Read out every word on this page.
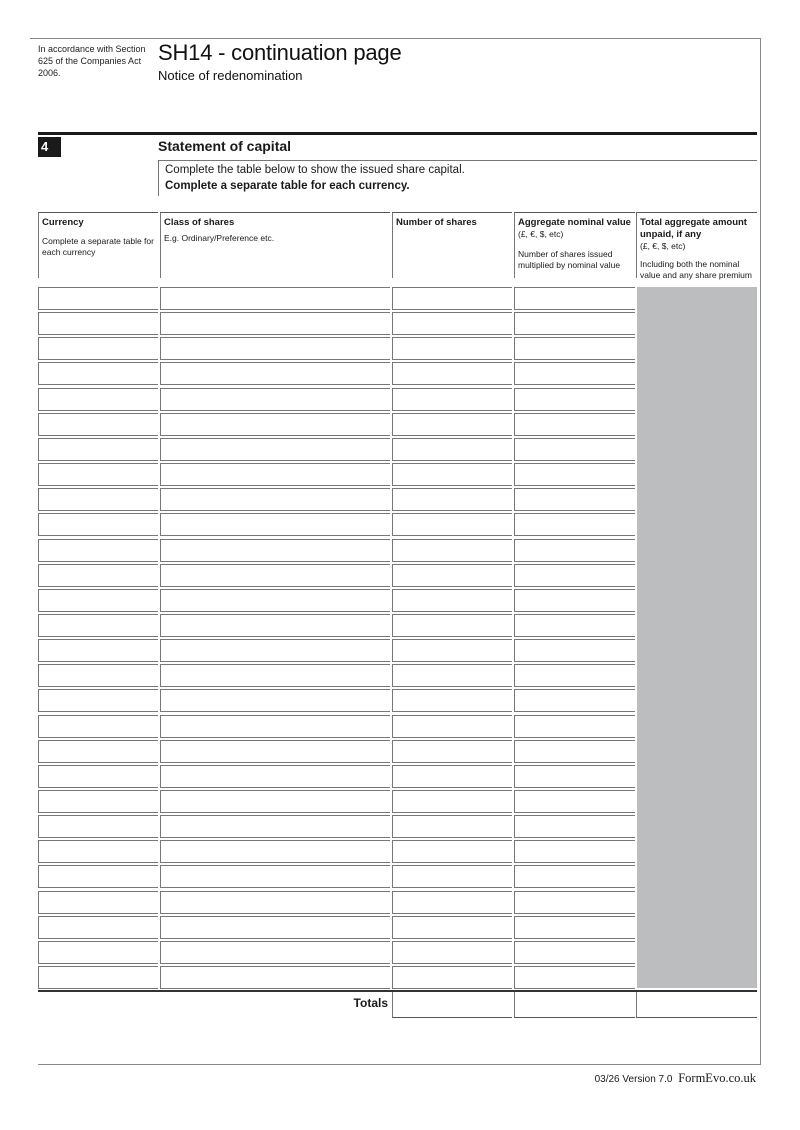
In accordance with Section 625 of the Companies Act 2006.
SH14 - continuation page
Notice of redenomination
4	Statement of capital
Complete the table below to show the issued share capital.
Complete a separate table for each currency.
Currency
Complete a separate table for each currency
Class of shares
E.g. Ordinary/Preference etc.
Number of shares	Aggregate nominal value
(£, €, $, etc)
Number of shares issued multiplied by nominal value
Total aggregate amount unpaid, if any
(£, €, $, etc)
Including both the nominal value and any share premium
Totals
03/26 Version 7.0 FormEvo.co.uk
